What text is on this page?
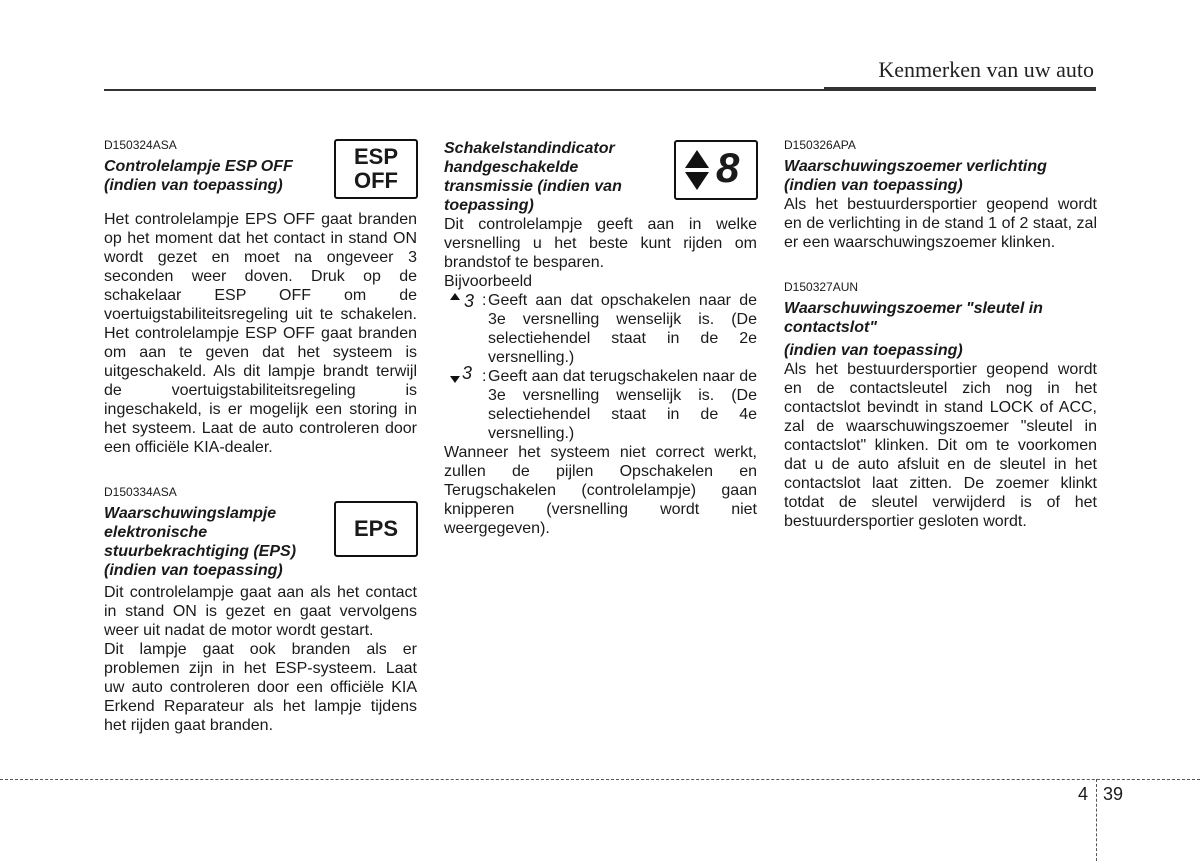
Kenmerken van uw auto

D150324ASA

Controlelampje ESP OFF (indien van toepassing)

Het controlelampje EPS OFF gaat branden op het moment dat het contact in stand ON wordt gezet en moet na ongeveer 3 seconden weer doven. Druk op de schakelaar ESP OFF om de voertuigstabiliteitsregeling uit te schakelen. Het controlelampje ESP OFF gaat branden om aan te geven dat het systeem is uitgeschakeld. Als dit lampje brandt terwijl de voertuigstabiliteitsregeling is ingeschakeld, is er mogelijk een storing in het systeem. Laat de auto controleren door een officiële KIA-dealer.

D150334ASA

Waarschuwingslampje elektronische stuurbekrachtiging (EPS) (indien van toepassing)

Dit controlelampje gaat aan als het contact in stand ON is gezet en gaat vervolgens weer uit nadat de motor wordt gestart.

Dit lampje gaat ook branden als er problemen zijn in het ESP-systeem. Laat uw auto controleren door een officiële KIA Erkend Reparateur als het lampje tijdens het rijden gaat branden.

ESP
OFF
EPS

Schakelstandindicator handgeschakelde transmissie (indien van toepassing)

Dit controlelampje geeft aan in welke versnelling u het beste kunt rijden om brandstof te besparen.

Bijvoorbeeld

3 : Geeft aan dat opschakelen naar de 3e versnelling wenselijk is. (De selectiehendel staat in de 2e versnelling.)
3 : Geeft aan dat terugschakelen naar de 3e versnelling wenselijk is. (De selectiehendel staat in de 4e versnelling.)

Wanneer het systeem niet correct werkt, zullen de pijlen Opschakelen en Terugschakelen (controlelampje) gaan knipperen (versnelling wordt niet weergegeven).

8	D150326APA

Waarschuwingszoemer verlichting (indien van toepassing)

Als het bestuurdersportier geopend wordt en de verlichting in de stand 1 of 2 staat, zal er een waarschuwingszoemer klinken.

D150327AUN

Waarschuwingszoemer "sleutel in contactslot"

(indien van toepassing)

Als het bestuurdersportier geopend wordt en de contactsleutel zich nog in het contactslot bevindt in stand LOCK of ACC, zal de waarschuwingszoemer "sleutel in contactslot" klinken. Dit om te voorkomen dat u de auto afsluit en de sleutel in het contactslot laat zitten. De zoemer klinkt totdat de sleutel verwijderd is of het bestuurdersportier gesloten wordt.

4 39
